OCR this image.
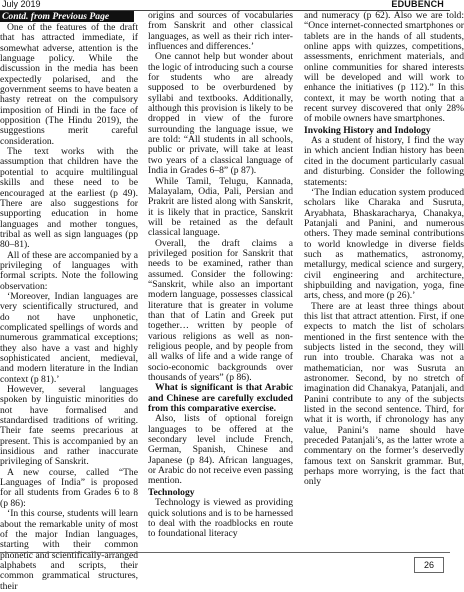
July 2019	EDUBENCH
Contd. from Previous Page

One of the features of the draft that has attracted immediate, if somewhat adverse, attention is the language policy. While the discussion in the media has been expectedly polarised, and the government seems to have beaten a hasty retreat on the compulsory imposition of Hindi in the face of opposition (The Hindu 2019), the suggestions merit careful consideration.

The text works with the assumption that children have the potential to acquire multilingual skills and these need to be encouraged at the earliest (p 49). There are also suggestions for supporting education in home languages and mother tongues, tribal as well as sign languages (pp 80–81).

All of these are accompanied by a privileging of languages with formal scripts. Note the following observation:

‘Moreover, Indian languages are very scientifically structured, and do not have unphonetic, complicated spellings of words and numerous grammatical exceptions; they also have a vast and highly sophisticated ancient, medieval, and modern literature in the Indian context (p 81).’

However, several languages spoken by linguistic minorities do not have formalised and standardised traditions of writing. Their fate seems precarious at present. This is accompanied by an insidious and rather inaccurate privileging of Sanskrit.

A new course, called “The Languages of India” is proposed for all students from Grades 6 to 8 (p 86):

‘In this course, students will learn about the remarkable unity of most of the major Indian languages, starting with their common phonetic and scientifically-arranged alphabets and scripts, their common grammatical structures, their

origins and sources of vocabularies from Sanskrit and other classical languages, as well as their rich inter-influences and differences.’

One cannot help but wonder about the logic of introducing such a course for students who are already supposed to be overburdened by syllabi and textbooks. Additionally, although this provision is likely to be dropped in view of the furore surrounding the language issue, we are told: “All students in all schools, public or private, will take at least two years of a classical language of India in Grades 6–8” (p 87).

While Tamil, Telugu, Kannada, Malayalam, Odia, Pali, Persian and Prakrit are listed along with Sanskrit, it is likely that in practice, Sanskrit will be retained as the default classical language.

Overall, the draft claims a privileged position for Sanskrit that needs to be examined, rather than assumed. Consider the following: “Sanskrit, while also an important modern language, possesses classical literature that is greater in volume than that of Latin and Greek put together… written by people of various religions as well as non-religious people, and by people from all walks of life and a wide range of socio-economic backgrounds over thousands of years” (p 86).

What is significant is that Arabic and Chinese are carefully excluded from this comparative exercise.

Also, lists of optional foreign languages to be offered at the secondary level include French, German, Spanish, Chinese and Japanese (p 84). African languages, or Arabic do not receive even passing mention.

Technology

Technology is viewed as providing quick solutions and is to be harnessed to deal with the roadblocks en route to foundational literacy

and numeracy (p 62). Also we are told: “Once internet-connected smartphones or tablets are in the hands of all students, online apps with quizzes, competitions, assessments, enrichment materials, and online communities for shared interests will be developed and will work to enhance the initiatives (p 112).” In this context, it may be worth noting that a recent survey discovered that only 28% of mobile owners have smartphones.

Invoking History and Indology

As a student of history, I find the way in which ancient Indian history has been cited in the document particularly casual and disturbing. Consider the following statements:

‘The Indian education system produced scholars like Charaka and Susruta, Aryabhata, Bhaskaracharya, Chanakya, Patanjali and Panini, and numerous others. They made seminal contributions to world knowledge in diverse fields such as mathematics, astronomy, metallurgy, medical science and surgery, civil engineering and architecture, shipbuilding and navigation, yoga, fine arts, chess, and more (p 26).’

There are at least three things about this list that attract attention. First, if one expects to match the list of scholars mentioned in the first sentence with the subjects listed in the second, they will run into trouble. Charaka was not a mathematician, nor was Susruta an astronomer. Second, by no stretch of imagination did Chanakya, Patanjali, and Panini contribute to any of the subjects listed in the second sentence. Third, for what it is worth, if chronology has any value, Panini’s name should have preceded Patanjali’s, as the latter wrote a commentary on the former’s deservedly famous text on Sanskrit grammar. But, perhaps more worrying, is the fact that only

26
